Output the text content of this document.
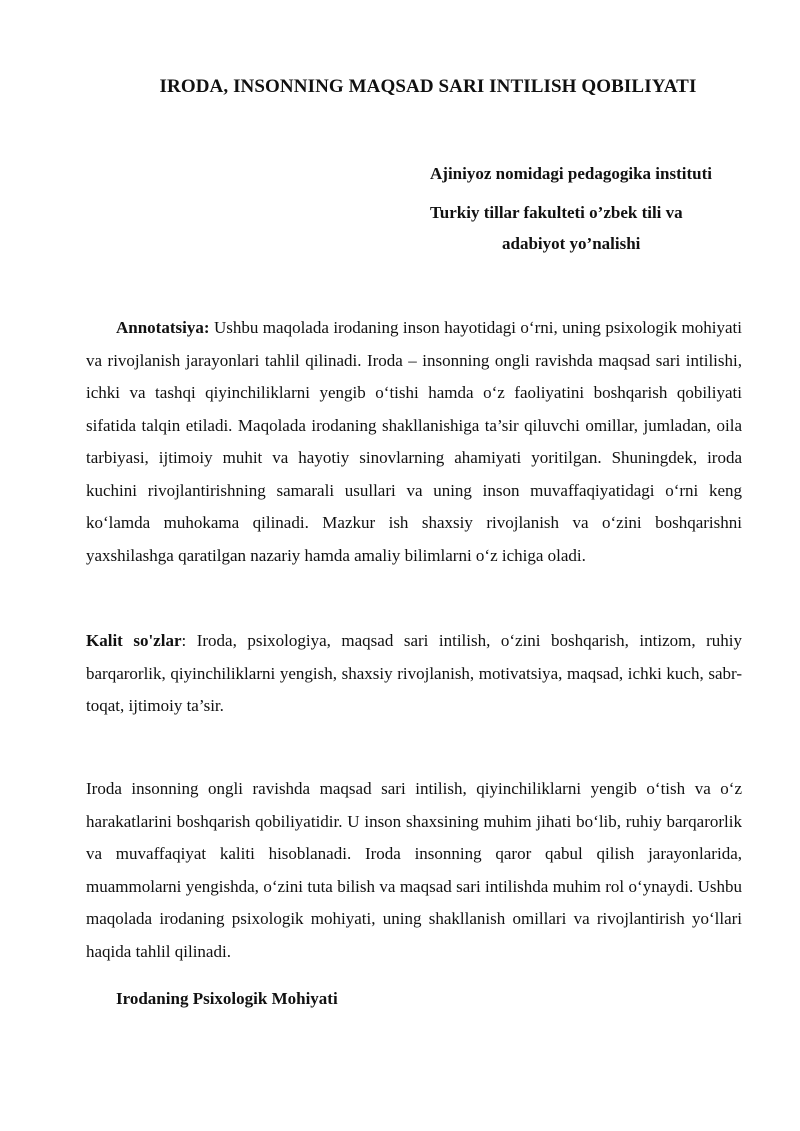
IRODA, INSONNING MAQSAD SARI INTILISH QOBILIYATI
Ajiniyoz nomidagi pedagogika instituti
Turkiy tillar fakulteti o’zbek tili va
adabiyot yo’nalishi

Annotatsiya: Ushbu maqolada irodaning inson hayotidagi o‘rni, uning psixologik mohiyati va rivojlanish jarayonlari tahlil qilinadi. Iroda – insonning ongli ravishda maqsad sari intilishi, ichki va tashqi qiyinchiliklarni yengib o‘tishi hamda o‘z faoliyatini boshqarish qobiliyati sifatida talqin etiladi. Maqolada irodaning shakllanishiga ta’sir qiluvchi omillar, jumladan, oila tarbiyasi, ijtimoiy muhit va hayotiy sinovlarning ahamiyati yoritilgan. Shuningdek, iroda kuchini rivojlantirishning samarali usullari va uning inson muvaffaqiyatidagi o‘rni keng ko‘lamda muhokama qilinadi. Mazkur ish shaxsiy rivojlanish va o‘zini boshqarishni yaxshilashga qaratilgan nazariy hamda amaliy bilimlarni o‘z ichiga oladi.

Kalit so'zlar: Iroda, psixologiya, maqsad sari intilish, o‘zini boshqarish, intizom, ruhiy barqarorlik, qiyinchiliklarni yengish, shaxsiy rivojlanish, motivatsiya, maqsad, ichki kuch, sabr-toqat, ijtimoiy ta’sir.

Iroda insonning ongli ravishda maqsad sari intilish, qiyinchiliklarni yengib o‘tish va o‘z harakatlarini boshqarish qobiliyatidir. U inson shaxsining muhim jihati bo‘lib, ruhiy barqarorlik va muvaffaqiyat kaliti hisoblanadi. Iroda insonning qaror qabul qilish jarayonlarida, muammolarni yengishda, o‘zini tuta bilish va maqsad sari intilishda muhim rol o‘ynaydi. Ushbu maqolada irodaning psixologik mohiyati, uning shakllanish omillari va rivojlantirish yo‘llari haqida tahlil qilinadi.

Irodaning Psixologik Mohiyati
